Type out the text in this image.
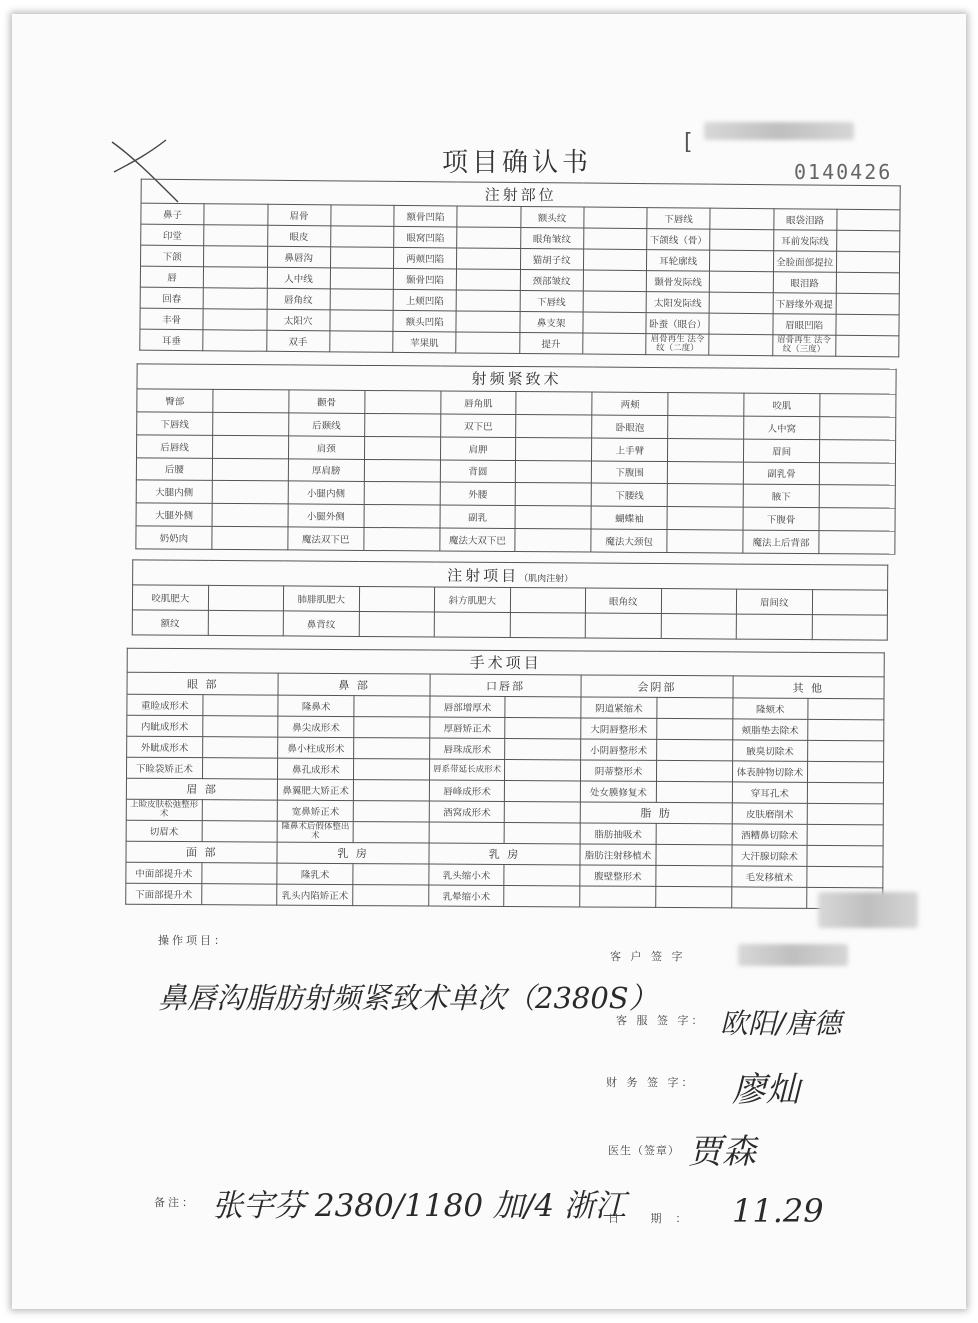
项目确认书
[
0140426
注射部位											
鼻子		眉骨		额骨凹陷		额头纹		下唇线		眼袋泪路	
印堂		眼皮		眼窝凹陷		眼角皱纹		下颌线（骨）		耳前发际线	
下颌		鼻唇沟		两颊凹陷		猫胡子纹		耳轮廓线		全脸面部提拉	
唇		人中线		颞骨凹陷		颈部皱纹		颞骨发际线		眼泪路	
回春		唇角纹		上颊凹陷		下唇线		太阳发际线		下唇缘外观提	
丰骨		太阳穴		额头凹陷		鼻支架		卧蚕（眼台）		眉眼凹陷	
耳垂		双手		苹果肌		提升		眉骨再生 法令纹（二度）		眉骨再生 法令纹（三度）	
射频紧致术									
臀部		颧骨		唇角肌		两颊		咬肌	
下唇线		后颞线		双下巴		卧眼泡		人中窝	
后唇线		肩颈		肩胛		上手臂		眉间	
后腰		厚肩膀		背圆		下腹围		副乳骨	
大腿内侧		小腿内侧		外腰		下腰线		腋下	
大腿外侧		小腿外侧		副乳		蝴蝶袖		下腹骨	
奶奶肉		魔法双下巴		魔法大双下巴		魔法大颈包		魔法上后背部	
注射项目（肌肉注射）									
咬肌肥大		肺腓肌肥大		斜方肌肥大		眼角纹		眉间纹	
额纹		鼻背纹							
手术项目									
眼 部		鼻 部		口唇部		会阴部		其 他	
重睑成形术		隆鼻术		唇部增厚术		阴道紧缩术		隆颏术	
内眦成形术		鼻尖成形术		厚唇矫正术		大阴唇整形术		颊脂垫去除术	
外眦成形术		鼻小柱成形术		唇珠成形术		小阴唇整形术		腋臭切除术	
下睑袋矫正术		鼻孔成形术		唇系带延长成形术		阴蒂整形术		体表肿物切除术	
眉 部		鼻翼肥大矫正术		唇峰成形术		处女膜修复术		穿耳孔术	
上睑皮肤松弛整形术		宽鼻矫正术		酒窝成形术		脂 肪		皮肤磨削术	
切眉术		隆鼻术后假体整出术				脂肪抽吸术		酒糟鼻切除术	
面 部		乳 房		乳 房		脂肪注射移植术		大汗腺切除术	
中面部提升术		隆乳术		乳头缩小术		腹壁整形术		毛发移植术	
下面部提升术		乳头内陷矫正术		乳晕缩小术					
操作项目：
鼻唇沟脂肪射频紧致术单次（2380S）
客 户 签 字
客 服 签 字： 欧阳/唐德
财 务 签 字： 廖灿
医生（签章） 贾森
备注： 张宇芬 2380/1180 加/4 浙江
日 期： 11.29
